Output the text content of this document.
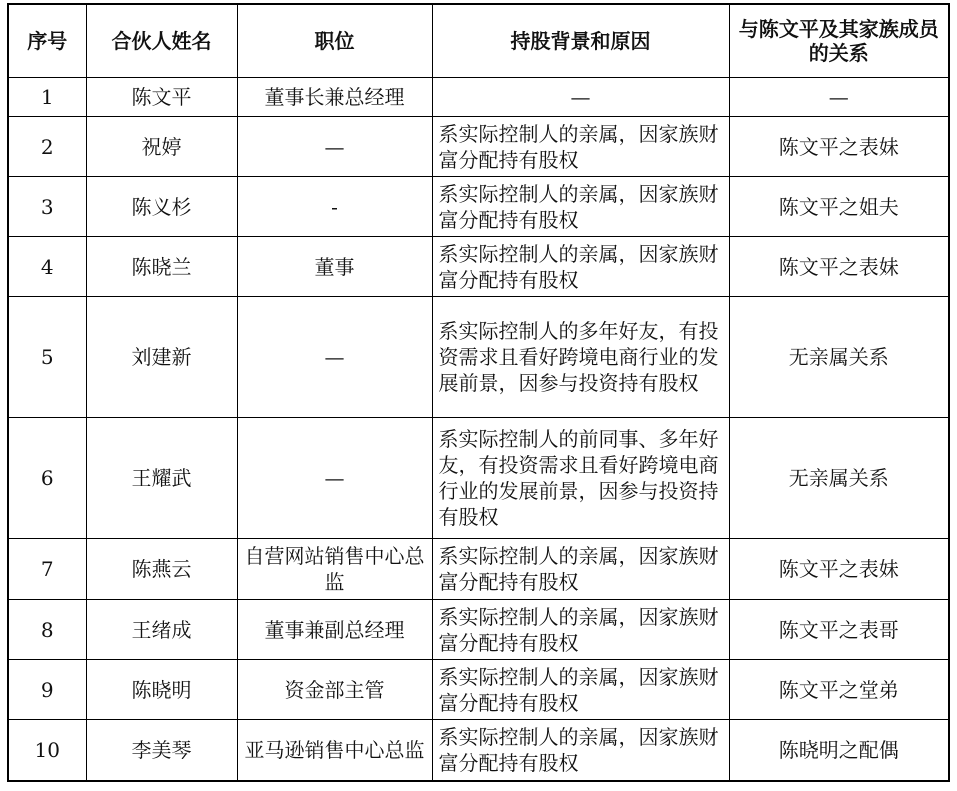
序号	合伙人姓名	职位	持股背景和原因	与陈文平及其家族成员的关系
1	陈文平	董事长兼总经理	—	—
2	祝婷	—	系实际控制人的亲属，因家族财富分配持有股权	陈文平之表妹
3	陈义杉	-	系实际控制人的亲属，因家族财富分配持有股权	陈文平之姐夫
4	陈晓兰	董事	系实际控制人的亲属，因家族财富分配持有股权	陈文平之表妹
5	刘建新	—	系实际控制人的多年好友，有投资需求且看好跨境电商行业的发展前景，因参与投资持有股权	无亲属关系
6	王耀武	—	系实际控制人的前同事、多年好友，有投资需求且看好跨境电商行业的发展前景，因参与投资持有股权	无亲属关系
7	陈燕云	自营网站销售中心总监	系实际控制人的亲属，因家族财富分配持有股权	陈文平之表妹
8	王绪成	董事兼副总经理	系实际控制人的亲属，因家族财富分配持有股权	陈文平之表哥
9	陈晓明	资金部主管	系实际控制人的亲属，因家族财富分配持有股权	陈文平之堂弟
10	李美琴	亚马逊销售中心总监	系实际控制人的亲属，因家族财富分配持有股权	陈晓明之配偶
